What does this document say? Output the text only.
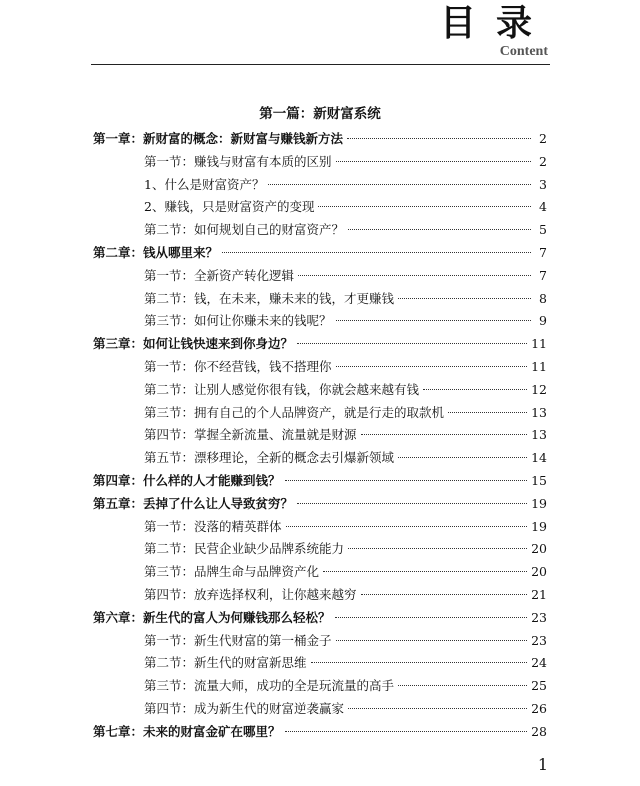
目录
Content
第一篇：新财富系统
第一章：新财富的概念：新财富与赚钱新方法	2
第一节：赚钱与财富有本质的区别	2
1、什么是财富资产？	3
2、赚钱，只是财富资产的变现	4
第二节：如何规划自己的财富资产？	5
第二章：钱从哪里来？	7
第一节：全新资产转化逻辑	7
第二节：钱，在未来，赚未来的钱，才更赚钱	8
第三节：如何让你赚未来的钱呢？	9
第三章：如何让钱快速来到你身边？	11
第一节：你不经营钱，钱不搭理你	11
第二节：让别人感觉你很有钱，你就会越来越有钱	12
第三节：拥有自己的个人品牌资产，就是行走的取款机	13
第四节：掌握全新流量、流量就是财源	13
第五节：漂移理论，全新的概念去引爆新领域	14
第四章：什么样的人才能赚到钱？	15
第五章：丢掉了什么让人导致贫穷？	19
第一节：没落的精英群体	19
第二节：民营企业缺少品牌系统能力	20
第三节：品牌生命与品牌资产化	20
第四节：放弃选择权利，让你越来越穷	21
第六章：新生代的富人为何赚钱那么轻松？	23
第一节：新生代财富的第一桶金子	23
第二节：新生代的财富新思维	24
第三节：流量大师，成功的全是玩流量的高手	25
第四节：成为新生代的财富逆袭赢家	26
第七章：未来的财富金矿在哪里？	28
1
